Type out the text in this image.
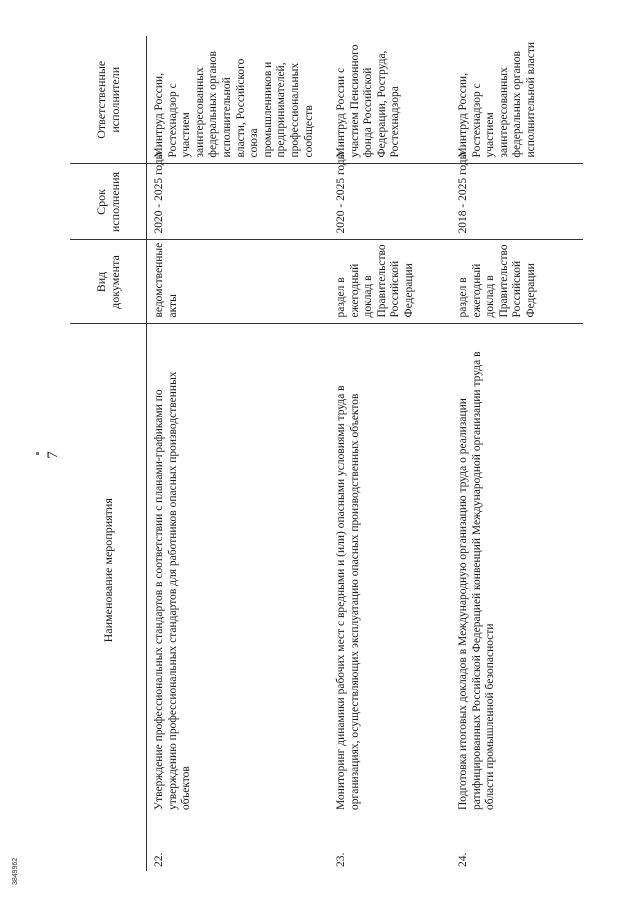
7
	Наименование мероприятия	Вид документа	Срок исполнения	Ответственные исполнители
22.	Утверждение профессиональных стандартов в соответствии с планами-графиками по утверждению профессиональных стандартов для работников опасных производственных объектов	ведомственные акты	2020 - 2025 годы	Минтруд России, Ростехнадзор с участием заинтересованных федеральных органов исполнительной власти, Российского союза промышленников и предпринимателей, профессиональных сообществ
23.	Мониторинг динамики рабочих мест с вредными и (или) опасными условиями труда в организациях, осуществляющих эксплуатацию опасных производственных объектов	раздел в ежегодный доклад в Правительство Российской Федерации	2020 - 2025 годы	Минтруд России с участием Пенсионного фонда Российской Федерации, Роструда, Ростехнадзора
24.	Подготовка итоговых докладов в Международную организацию труда о реализации ратифицированных Российской Федерацией конвенций Международной организации труда в области промышленной безопасности	раздел в ежегодный доклад в Правительство Российской Федерации	2018 - 2025 годы	Минтруд России, Ростехнадзор с участием заинтересованных федеральных органов исполнительной власти
3849962
